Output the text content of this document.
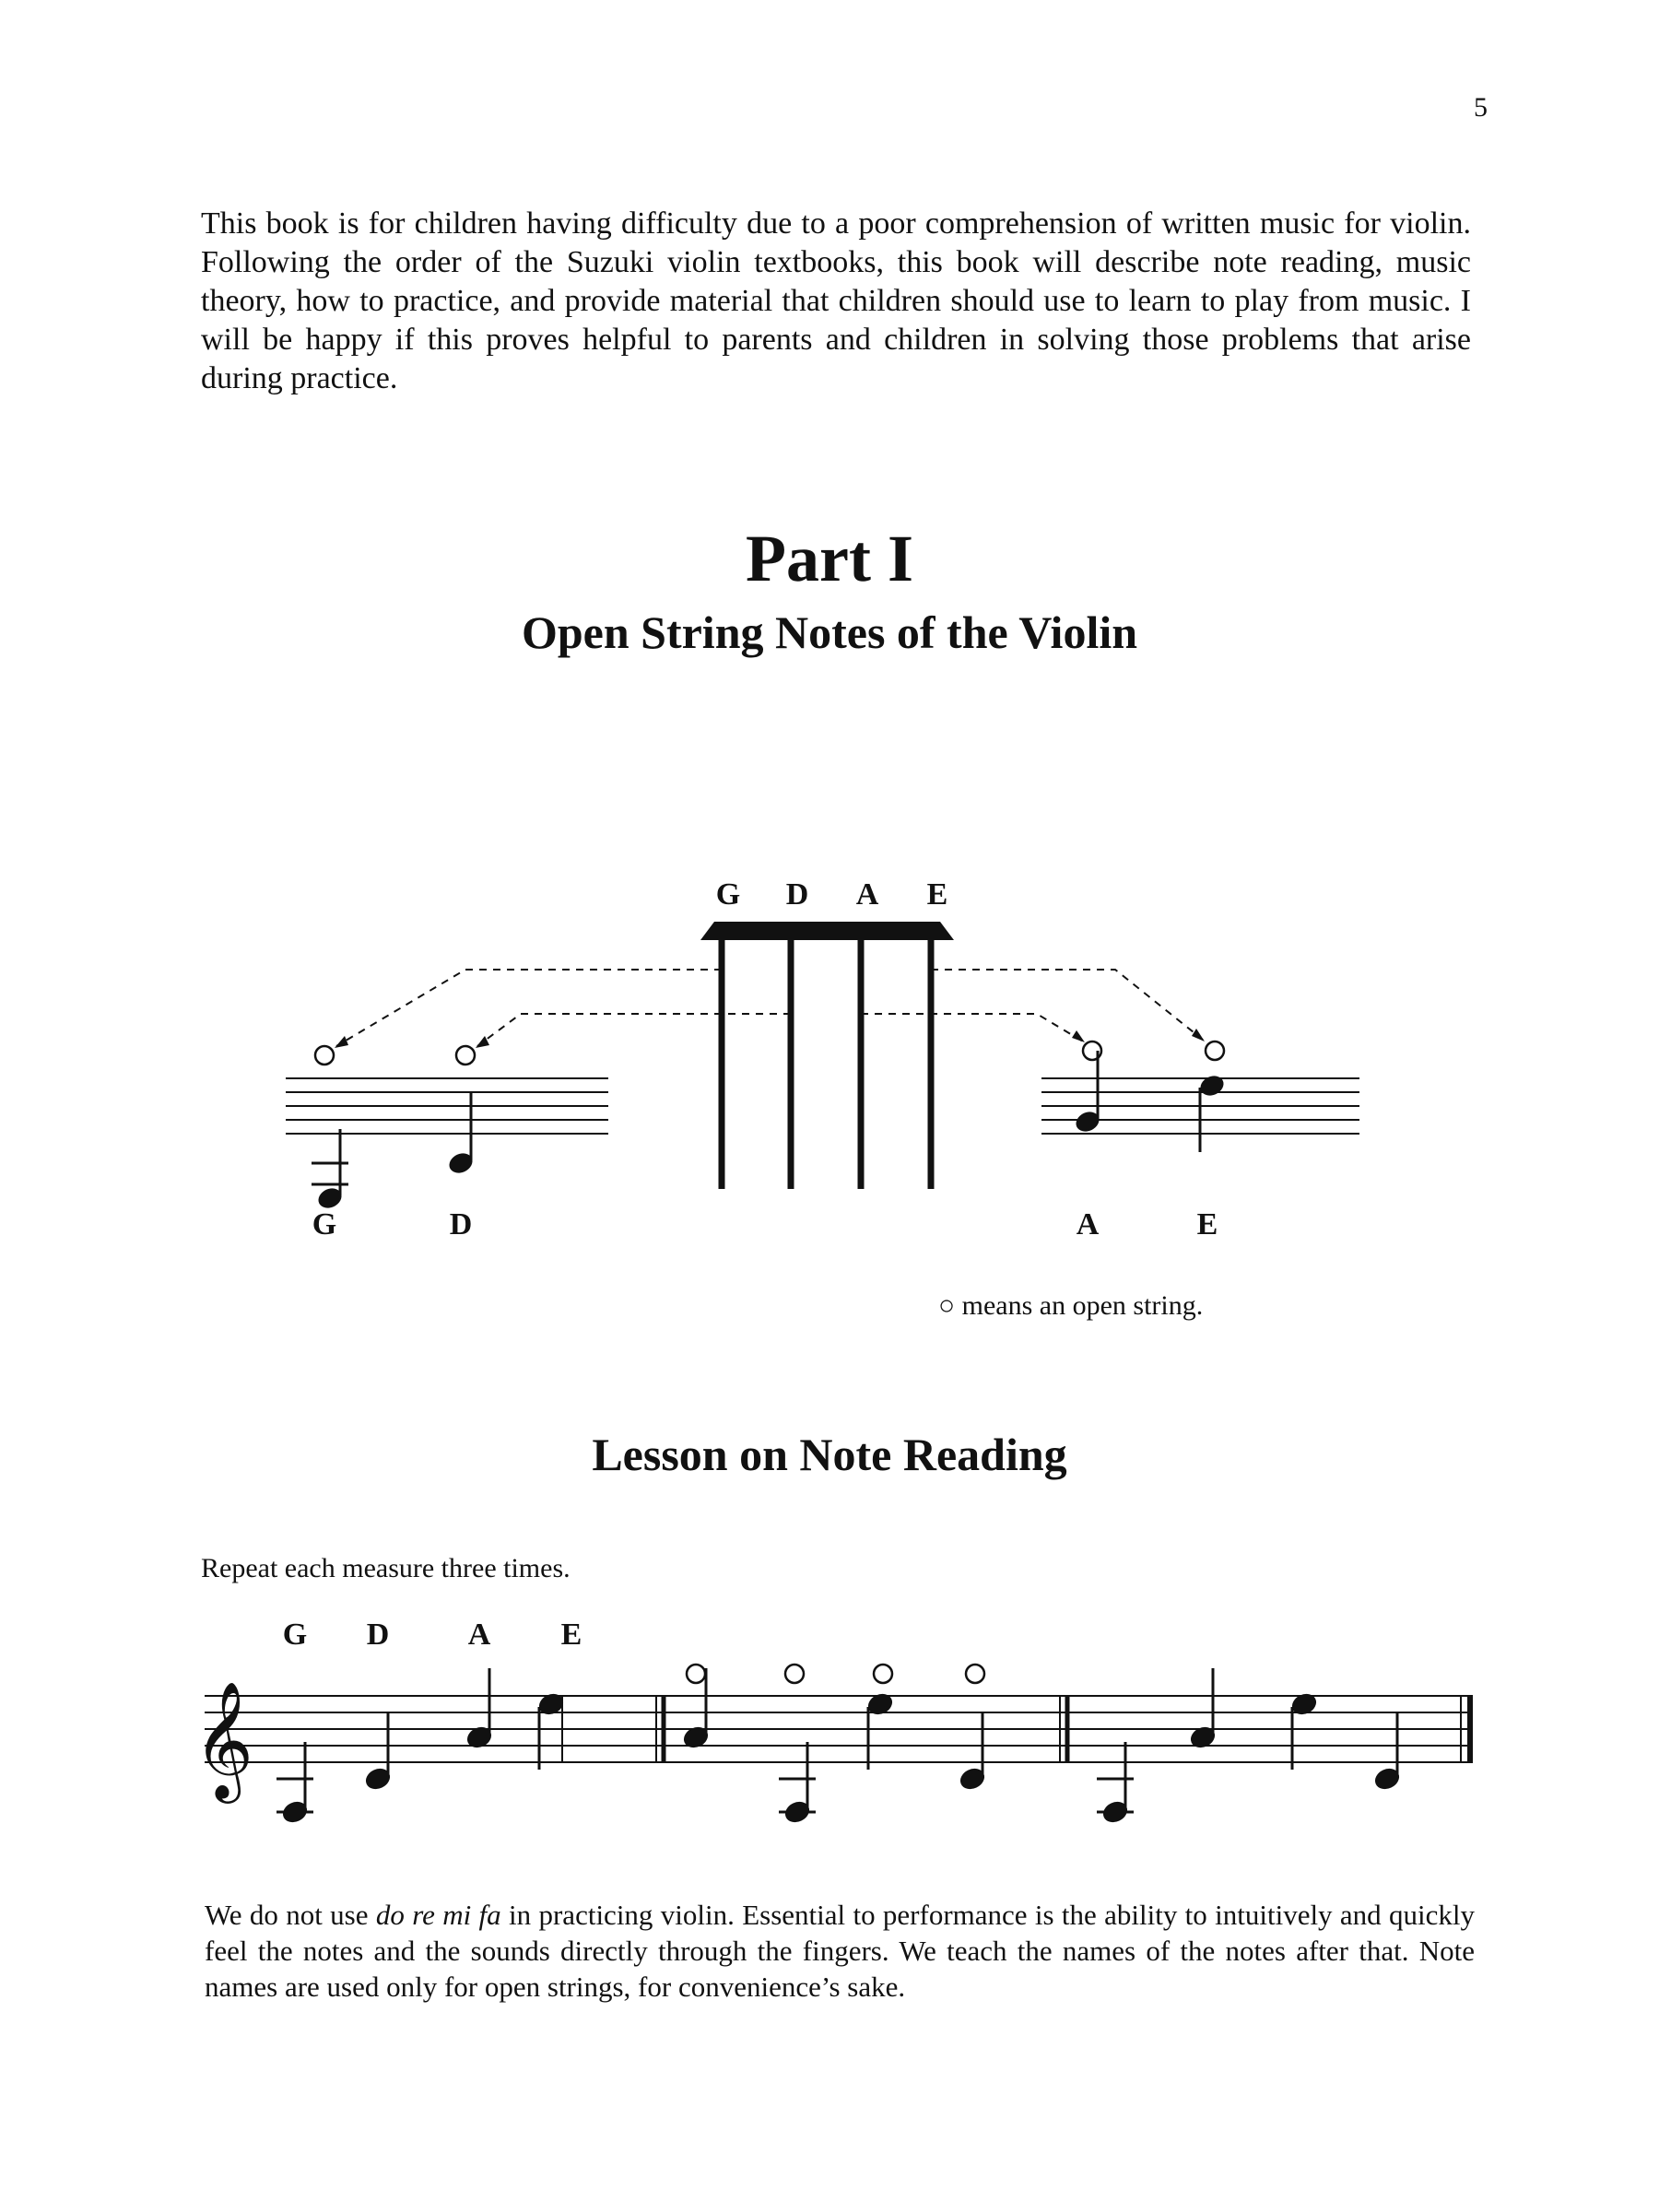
5
This book is for children having difficulty due to a poor comprehension of written music for violin. Following the order of the Suzuki violin textbooks, this book will describe note reading, music theory, how to practice, and provide material that children should use to learn to play from music. I will be happy if this proves helpful to parents and children in solving those problems that arise during practice.
Part I
Open String Notes of the Violin
𝄞
G D A E
G	D	A	E
○ means an open string.
Lesson on Note Reading
Repeat each measure three times.
G D	A E
We do not use do re mi fa in practicing violin. Essential to performance is the ability to intuitively and quickly feel the notes and the sounds directly through the fingers. We teach the names of the notes after that. Note names are used only for open strings, for convenience’s sake.
